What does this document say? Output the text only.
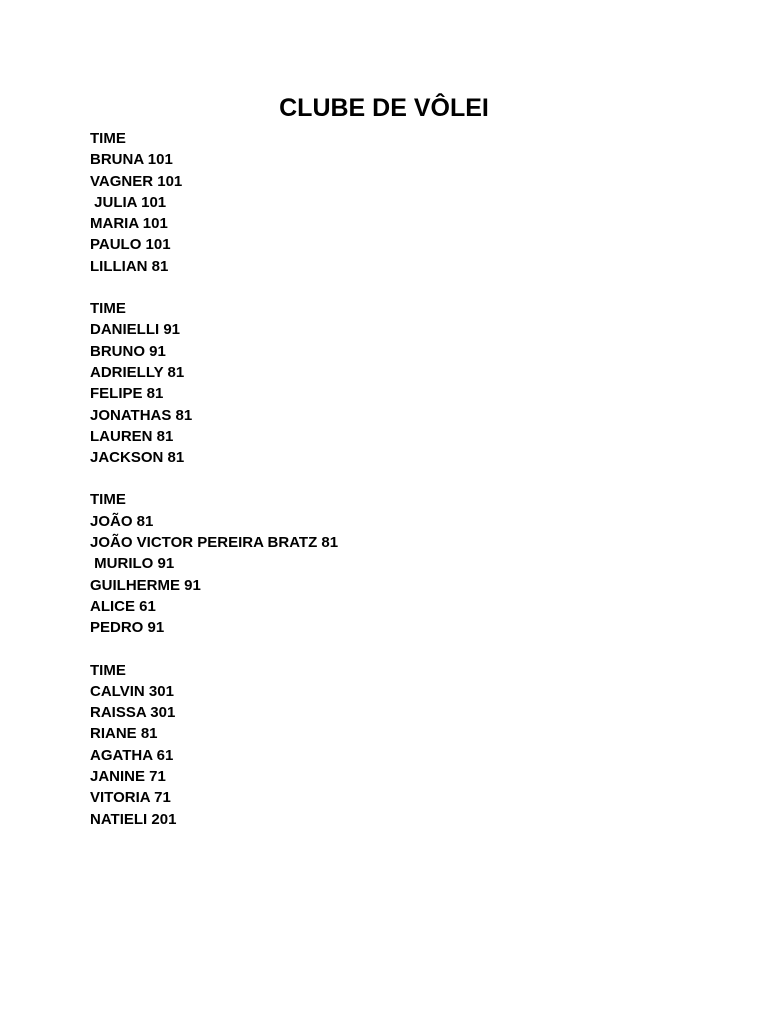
CLUBE DE VÔLEI
TIME
BRUNA 101
VAGNER 101
JULIA 101
MARIA 101
PAULO 101
LILLIAN 81
TIME
DANIELLI 91
BRUNO 91
ADRIELLY 81
FELIPE 81
JONATHAS 81
LAUREN 81
JACKSON 81
TIME
JOÃO 81
JOÃO VICTOR PEREIRA BRATZ 81
MURILO 91
GUILHERME 91
ALICE 61
PEDRO 91
TIME
CALVIN 301
RAISSA 301
RIANE 81
AGATHA 61
JANINE 71
VITORIA 71
NATIELI 201
